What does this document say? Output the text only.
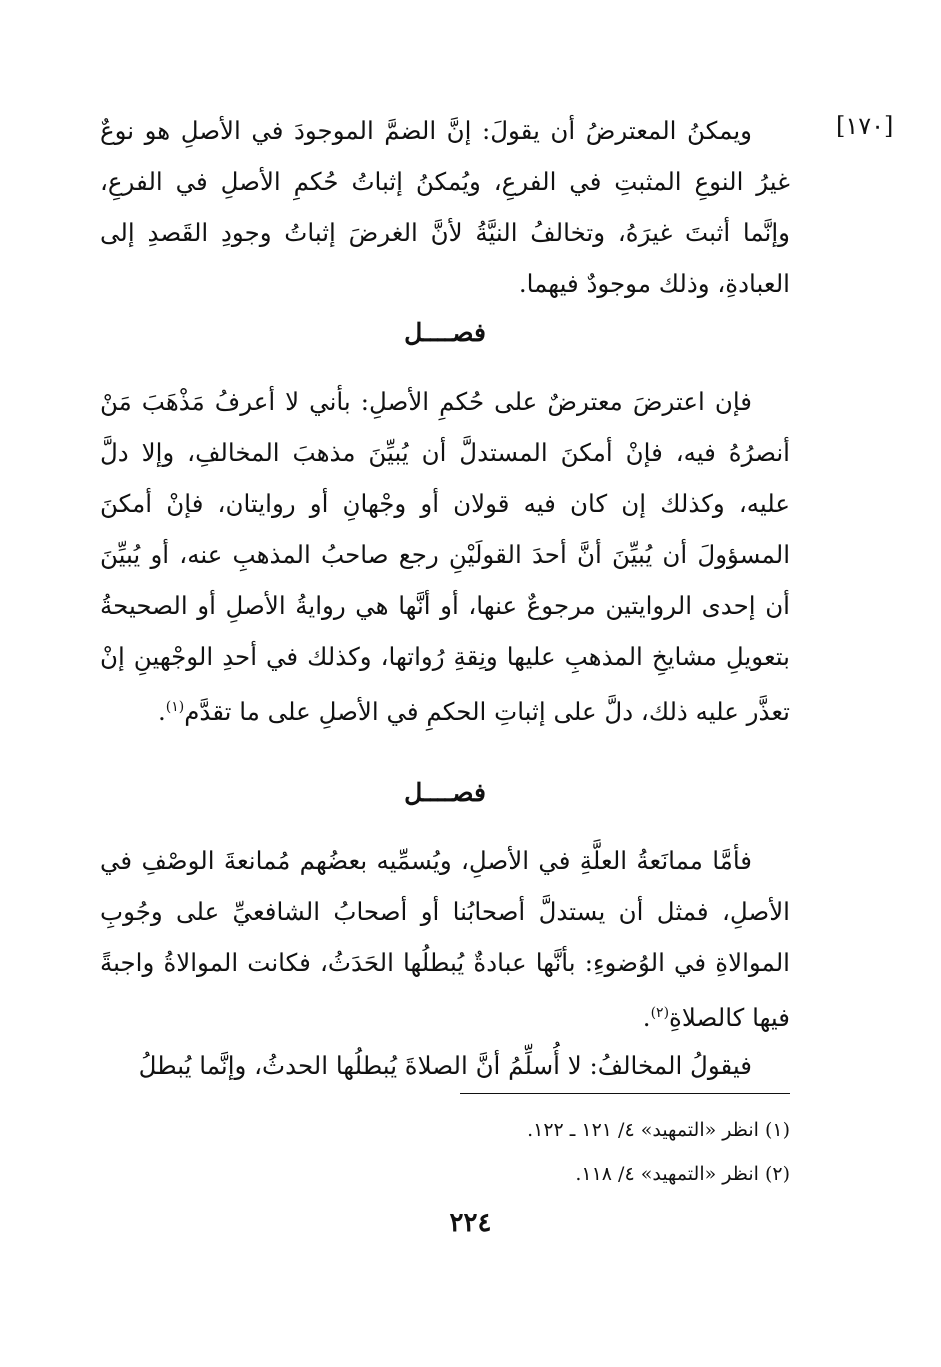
[١٧٠]

ويمكنُ المعترضُ أن يقولَ: إنَّ الضمَّ الموجودَ في الأصلِ هو نوعٌ غيرُ النوعِ المثبتِ في الفرعِ، ويُمكنُ إثباتُ حُكمِ الأصلِ في الفرعِ، وإنَّما أثبتَ غيرَهُ، وتخالفُ النيَّةُ لأنَّ الغرضَ إثباتُ وجودِ القَصدِ إلى العبادةِ، وذلك موجودٌ فيهما.

فصــــل

فإن اعترضَ معترضٌ على حُكمِ الأصلِ: بأني لا أعرفُ مَذْهَبَ مَنْ أنصرُهُ فيه، فإنْ أمكنَ المستدلَّ أن يُبيِّنَ مذهبَ المخالفِ، وإلا دلَّ عليه، وكذلك إن كان فيه قولان أو وجْهانِ أو روايتان، فإنْ أمكنَ المسؤولَ أن يُبيِّنَ أنَّ أحدَ القولَيْنِ رجع صاحبُ المذهبِ عنه، أو يُبيِّنَ أن إحدى الروايتين مرجوعٌ عنها، أو أنَّها هي روايةُ الأصلِ أو الصحيحةُ بتعويلِ مشايخِ المذهبِ عليها ونِقةِ رُواتها، وكذلك في أحدِ الوجْهينِ إنْ تعذَّر عليه ذلك، دلَّ على إثباتِ الحكمِ في الأصلِ على ما تقدَّم$^{(١)}$.

فصــــل

فأمَّا ممانَعةُ العلَّةِ في الأصلِ، ويُسمِّيه بعضُهم مُمانعةَ الوصْفِ في الأصلِ، فمثل أن يستدلَّ أصحابُنا أو أصحابُ الشافعيِّ على وجُوبِ الموالاةِ في الوُضوءِ: بأنَّها عبادةٌ يُبطلُها الحَدَثُ، فكانت الموالاةُ واجبةً فيها كالصلاةِ$^{(٢)}$.

فيقولُ المخالفُ: لا أُسلِّمُ أنَّ الصلاةَ يُبطلُها الحدثُ، وإنَّما يُبطلُ

(١) انظر «التمهيد» ٤/ ١٢١ ـ ١٢٢.

(٢) انظر «التمهيد» ٤/ ١١٨.

٢٢٤
